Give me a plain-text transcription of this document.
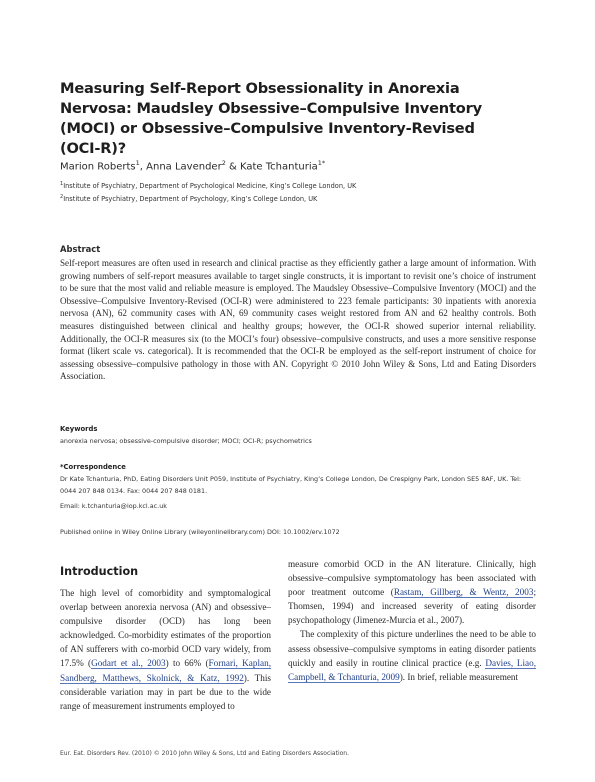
Measuring Self-Report Obsessionality in Anorexia Nervosa: Maudsley Obsessive–Compulsive Inventory (MOCI) or Obsessive–Compulsive Inventory-Revised (OCI-R)?
Marion Roberts$^1$, Anna Lavender$^2$ & Kate Tchanturia$^{1*}$
$^1$Institute of Psychiatry, Department of Psychological Medicine, King’s College London, UK
$^2$Institute of Psychiatry, Department of Psychology, King’s College London, UK
Abstract
Self-report measures are often used in research and clinical practise as they efficiently gather a large amount of information. With growing numbers of self-report measures available to target single constructs, it is important to revisit one’s choice of instrument to be sure that the most valid and reliable measure is employed. The Maudsley Obsessive–Compulsive Inventory (MOCI) and the Obsessive–Compulsive Inventory-Revised (OCI-R) were administered to 223 female participants: 30 inpatients with anorexia nervosa (AN), 62 community cases with AN, 69 community cases weight restored from AN and 62 healthy controls. Both measures distinguished between clinical and healthy groups; however, the OCI-R showed superior internal reliability. Additionally, the OCI-R measures six (to the MOCI’s four) obsessive–compulsive constructs, and uses a more sensitive response format (likert scale vs. categorical). It is recommended that the OCI-R be employed as the self-report instrument of choice for assessing obsessive–compulsive pathology in those with AN. Copyright © 2010 John Wiley & Sons, Ltd and Eating Disorders Association.
Keywords
anorexia nervosa; obsessive-compulsive disorder; MOCI; OCI-R; psychometrics
*Correspondence
Dr Kate Tchanturia, PhD, Eating Disorders Unit P059, Institute of Psychiatry, King’s College London, De Crespigny Park, London SE5 8AF, UK. Tel: 0044 207 848 0134. Fax: 0044 207 848 0181.
Email: k.tchanturia@iop.kcl.ac.uk
Published online in Wiley Online Library (wileyonlinelibrary.com) DOI: 10.1002/erv.1072
Introduction

The high level of comorbidity and symptomalogical overlap between anorexia nervosa (AN) and obsessive–compulsive disorder (OCD) has long been acknowledged. Co-morbidity estimates of the proportion of AN sufferers with co-morbid OCD vary widely, from 17.5% (Godart et al., 2003) to 66% (Fornari, Kaplan, Sandberg, Matthews, Skolnick, & Katz, 1992). This considerable variation may in part be due to the wide range of measurement instruments employed to

measure comorbid OCD in the AN literature. Clinically, high obsessive–compulsive symptomatology has been associated with poor treatment outcome (Rastam, Gillberg, & Wentz, 2003; Thomsen, 1994) and increased severity of eating disorder psychopathology (Jimenez-Murcia et al., 2007).

The complexity of this picture underlines the need to be able to assess obsessive–compulsive symptoms in eating disorder patients quickly and easily in routine clinical practice (e.g. Davies, Liao, Campbell, & Tchanturia, 2009). In brief, reliable measurement

Eur. Eat. Disorders Rev. (2010) © 2010 John Wiley & Sons, Ltd and Eating Disorders Association.
